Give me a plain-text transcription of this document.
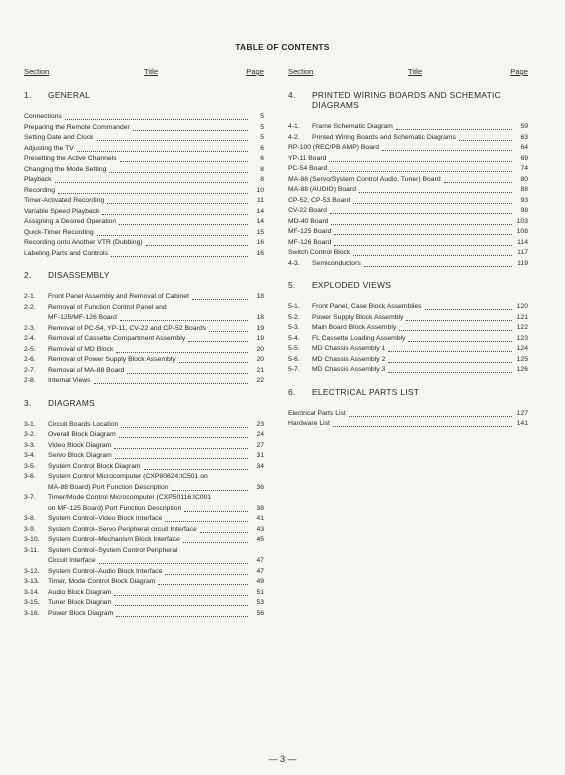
TABLE OF CONTENTS
Section	Title	Page
1.	GENERAL
Connections	5
Preparing the Remote Commander	5
Setting Date and Clock	5
Adjusting the TV	6
Presetting the Active Channels	6
Changing the Mode Setting	8
Playback	8
Recording	10
Timer-Activated Recording	11
Variable Speed Playback	14
Assigning a Desired Operation	14
Quick-Timer Recording	15
Recording onto Another VTR (Dubbing)	16
Labeling Parts and Controls	16
2.	DISASSEMBLY
2-1.	Front Panel Assembly and Removal of Cabinet	18
2-2.	Removal of Function Control Panel and
MF-125/MF-126 Board	18
2-3.	Removal of PC-54, YP-11, CV-22 and CP-52 Boards	19
2-4.	Removal of Cassette Compartment Assembly	19
2-5.	Removal of MD Block	20
2-6.	Removal of Power Supply Block Assembly	20
2-7.	Removal of MA-88 Board	21
2-8.	Internal Views	22
3.	DIAGRAMS
3-1.	Circuit Boards Location	23
3-2.	Overall Block Diagram	24
3-3.	Video Block Diagram	27
3-4.	Servo Block Diagram	31
3-5.	System Control Block Diagram	34
3-6.	System Control Microcomputer (CXP80624:IC501 on
MA-88 Board) Port Function Description	36
3-7.	Timer/Mode Control Microcomputer (CXP50116:IC001
on MF-125 Board) Port Function Description	38
3-8.	System Control–Video Block Interface	41
3-9.	System Control–Servo Peripheral circuit Interface	43
3-10.	System Control–Mechanism Block Interface	45
3-11.	System Control–System Control Peripheral
Circuit Interface	47
3-12.	System Control–Audio Block Interface	47
3-13.	Timer, Mode Control Block Diagram	49
3-14.	Audio Block Diagram	51
3-15.	Tuner Block Diagram	53
3-16.	Power Block Diagram	56
Section	Title	Page
4.	PRINTED WIRING BOARDS AND SCHEMATIC DIAGRAMS
4-1.	Frame Schematic Diagram	59
4-2.	Printed Wiring Boards and Schematic Diagrams	63
RP-100 (REC/PB AMP) Board	64
YP-11 Board	69
PC-54 Board	74
MA-88 (Servo/System Control Audio, Tuner) Board	80
MA-88 (AUDIO) Board	88
CP-52, CP-53 Board	93
CV-22 Board	98
MD-40 Board	103
MF-125 Board	108
MF-126 Board	114
Switch Control Block	117
4-3.	Semiconductors	119
5.	EXPLODED VIEWS
5-1.	Front Panel, Case Block Assemblies	120
5-2.	Power Supply Block Assembly	121
5-3.	Main Board Block Assembly	122
5-4.	FL Cassette Loading Assembly	123
5-5.	MD Chassis Assembly 1	124
5-6.	MD Chassis Assembly 2	125
5-7.	MD Chassis Assembly 3	126
6.	ELECTRICAL PARTS LIST
Electrical Parts List	127
Hardware List	141
— 3 —
